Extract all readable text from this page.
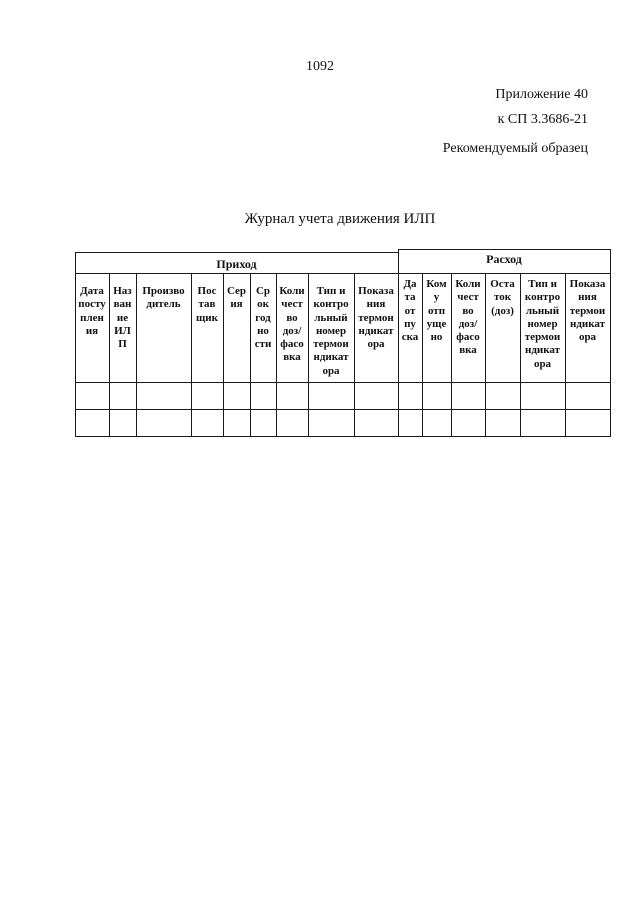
1092
Приложение 40
к СП 3.3686-21
Рекомендуемый образец
Журнал учета движения ИЛП
Приход	Расход
Дата
посту
плен
ия
Наз
ван
ие
ИЛ
П
Произво
дитель
Пос
тав
щик
Сер
ия
Ср
ок
год
но
сти
Коли
чест
во
доз/
фасо
вка
Тип и
контро
льный
номер
термои
ндикат
ора
Показа
ния
термон
ндикат
ора
Да
та
от
пу
ска
Ком
у
отп
уще
но
Коли
чест
во
доз/
фасо
вка
Оста
ток
(доз)
Тип и
контро
льный
номер
термои
ндикат
ора
Показа
ния
термои
ндикат
ора
